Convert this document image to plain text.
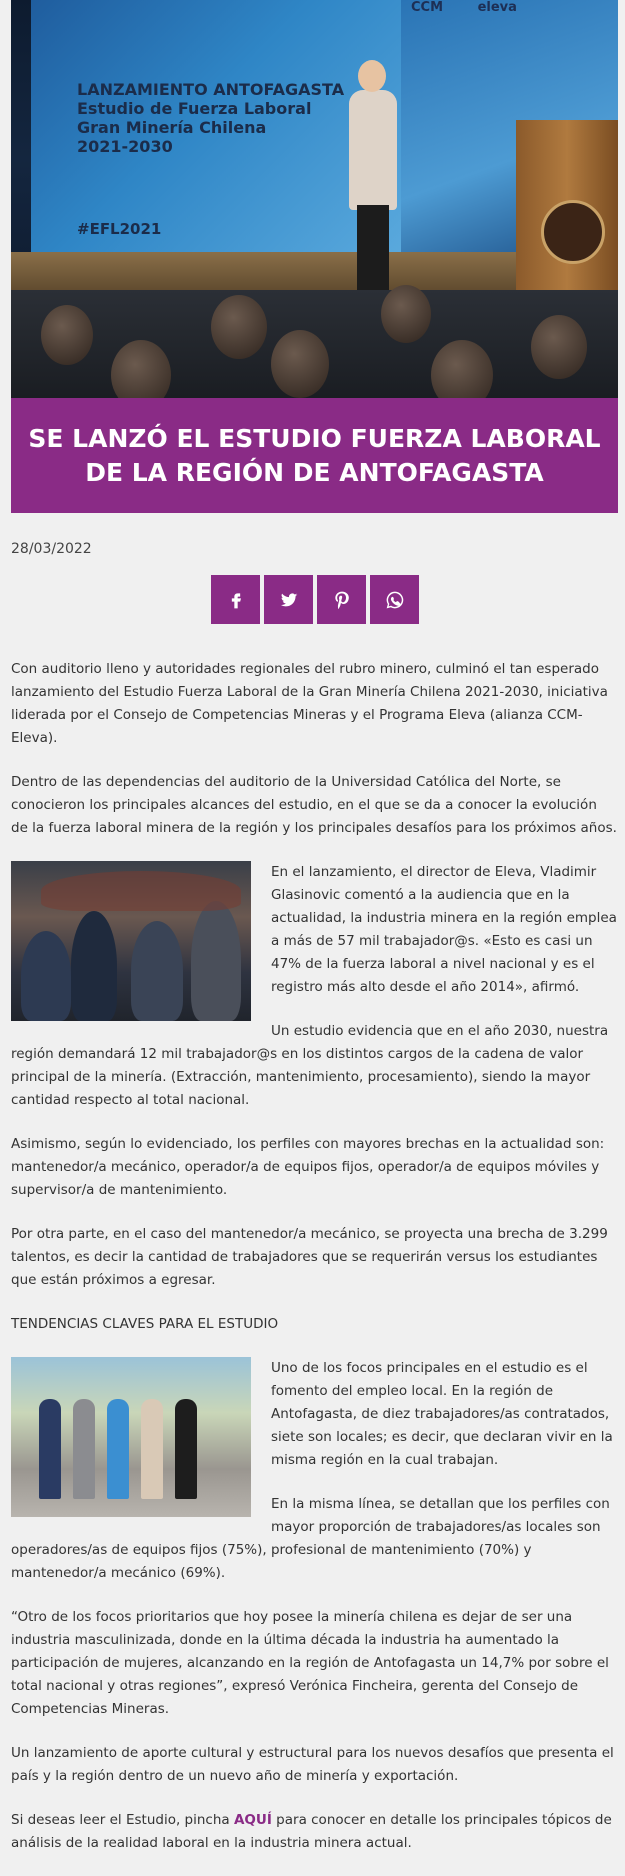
CCM	eleva
LANZAMIENTO ANTOFAGASTA
Estudio de Fuerza Laboral
Gran Minería Chilena
2021-2030
#EFL2021
SE LANZÓ EL ESTUDIO FUERZA LABORAL DE LA REGIÓN DE ANTOFAGASTA
28/03/2022

Con auditorio lleno y autoridades regionales del rubro minero, culminó el tan esperado lanzamiento del Estudio Fuerza Laboral de la Gran Minería Chilena 2021-2030, iniciativa liderada por el Consejo de Competencias Mineras y el Programa Eleva (alianza CCM-Eleva).

Dentro de las dependencias del auditorio de la Universidad Católica del Norte, se conocieron los principales alcances del estudio, en el que se da a conocer la evolución de la fuerza laboral minera de la región y los principales desafíos para los próximos años.

En el lanzamiento, el director de Eleva, Vladimir Glasinovic comentó a la audiencia que en la actualidad, la industria minera en la región emplea a más de 57 mil trabajador@s. «Esto es casi un 47% de la fuerza laboral a nivel nacional y es el registro más alto desde el año 2014», afirmó.

Un estudio evidencia que en el año 2030, nuestra región demandará 12 mil trabajador@s en los distintos cargos de la cadena de valor principal de la minería. (Extracción, mantenimiento, procesamiento), siendo la mayor cantidad respecto al total nacional.

Asimismo, según lo evidenciado, los perfiles con mayores brechas en la actualidad son: mantenedor/a mecánico, operador/a de equipos fijos, operador/a de equipos móviles y supervisor/a de mantenimiento.

Por otra parte, en el caso del mantenedor/a mecánico, se proyecta una brecha de 3.299 talentos, es decir la cantidad de trabajadores que se requerirán versus los estudiantes que están próximos a egresar.

TENDENCIAS CLAVES PARA EL ESTUDIO

Uno de los focos principales en el estudio es el fomento del empleo local. En la región de Antofagasta, de diez trabajadores/as contratados, siete son locales; es decir, que declaran vivir en la misma región en la cual trabajan.

En la misma línea, se detallan que los perfiles con mayor proporción de trabajadores/as locales son operadores/as de equipos fijos (75%), profesional de mantenimiento (70%) y mantenedor/a mecánico (69%).

“Otro de los focos prioritarios que hoy posee la minería chilena es dejar de ser una industria masculinizada, donde en la última década la industria ha aumentado la participación de mujeres, alcanzando en la región de Antofagasta un 14,7% por sobre el total nacional y otras regiones”, expresó Verónica Fincheira, gerenta del Consejo de Competencias Mineras.

Un lanzamiento de aporte cultural y estructural para los nuevos desafíos que presenta el país y la región dentro de un nuevo año de minería y exportación.

Si deseas leer el Estudio, pincha AQUÍ para conocer en detalle los principales tópicos de análisis de la realidad laboral en la industria minera actual.
